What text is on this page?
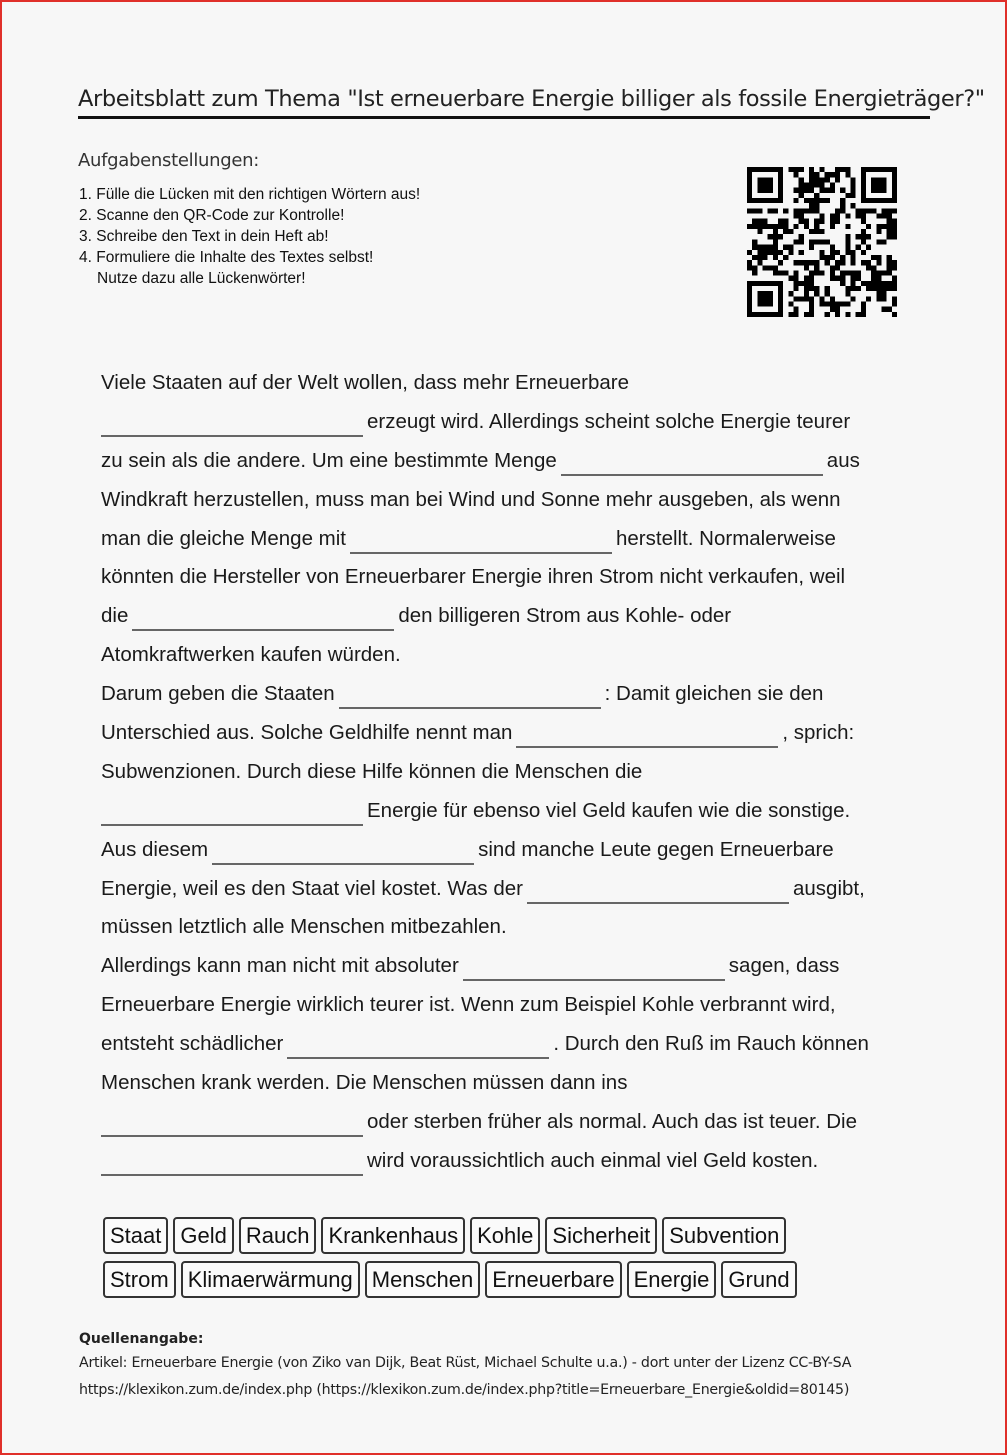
Arbeitsblatt zum Thema "Ist erneuerbare Energie billiger als fossile Energieträger?"
Aufgabenstellungen:
1. Fülle die Lücken mit den richtigen Wörtern aus!
2. Scanne den QR-Code zur Kontrolle!
3. Schreibe den Text in dein Heft ab!
4. Formuliere die Inhalte des Textes selbst!
Nutze dazu alle Lückenwörter!
Viele Staaten auf der Welt wollen, dass mehr Erneuerbare
erzeugt wird. Allerdings scheint solche Energie teurer
zu sein als die andere. Um eine bestimmte Menge	aus
Windkraft herzustellen, muss man bei Wind und Sonne mehr ausgeben, als wenn
man die gleiche Menge mit	herstellt. Normalerweise
könnten die Hersteller von Erneuerbarer Energie ihren Strom nicht verkaufen, weil
die	den billigeren Strom aus Kohle- oder
Atomkraftwerken kaufen würden.
Darum geben die Staaten	: Damit gleichen sie den
Unterschied aus. Solche Geldhilfe nennt man	, sprich:
Subwenzionen. Durch diese Hilfe können die Menschen die
Energie für ebenso viel Geld kaufen wie die sonstige.
Aus diesem	sind manche Leute gegen Erneuerbare
Energie, weil es den Staat viel kostet. Was der	ausgibt,
müssen letztlich alle Menschen mitbezahlen.
Allerdings kann man nicht mit absoluter	sagen, dass
Erneuerbare Energie wirklich teurer ist. Wenn zum Beispiel Kohle verbrannt wird,
entsteht schädlicher	. Durch den Ruß im Rauch können
Menschen krank werden. Die Menschen müssen dann ins
oder sterben früher als normal. Auch das ist teuer. Die
wird voraussichtlich auch einmal viel Geld kosten.
Staat Geld Rauch Krankenhaus Kohle Sicherheit Subvention
Strom Klimaerwärmung Menschen Erneuerbare Energie Grund
Quellenangabe:
Artikel: Erneuerbare Energie (von Ziko van Dijk, Beat Rüst, Michael Schulte u.a.) - dort unter der Lizenz CC-BY-SA
https://klexikon.zum.de/index.php (https://klexikon.zum.de/index.php?title=Erneuerbare_Energie&oldid=80145)
